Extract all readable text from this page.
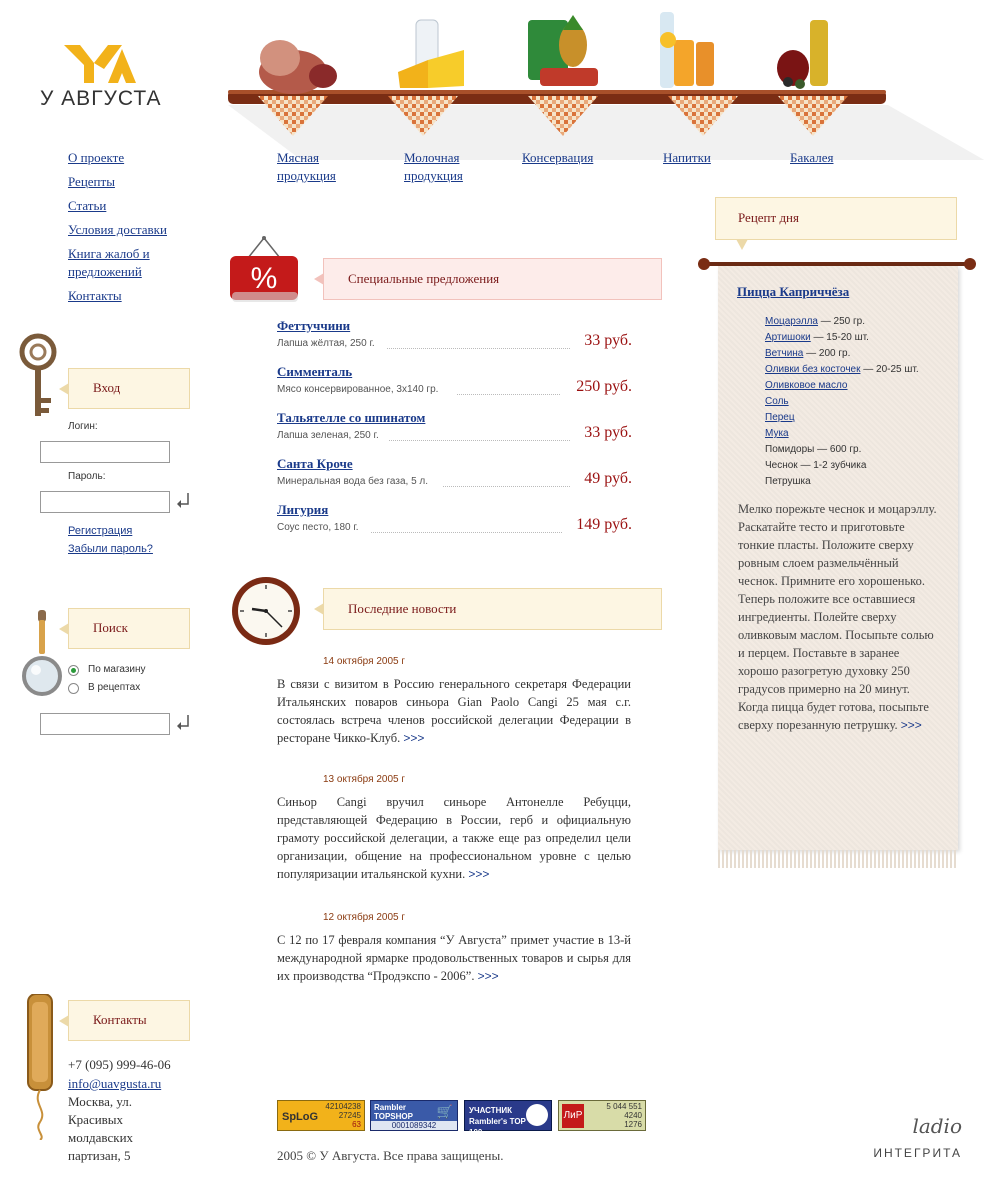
У АВГУСТА
Мясная продукция
Молочная продукция
Консервация	Напитки	Бакалея
О проекте
Рецепты
Статьи
Условия доставки
Книга жалоб и предложений
Контакты
Вход
Логин:
Пароль:
Регистрация
Забыли пароль?
Поиск
По магазину
В рецептах
Контакты
+7 (095) 999-46-06
info@uavgusta.ru
Москва, ул. Красивых молдавских партизан, 5
%	Специальные предложения
Феттуччини
Лапша жёлтая, 250 г.	33 руб.
Симменталь
Мясо консервированное, 3x140 гр.	250 руб.
Тальятелле со шпинатом
Лапша зеленая, 250 г.	33 руб.
Санта Кроче
Минеральная вода без газа, 5 л.	49 руб.
Лигурия
Соус песто, 180 г.	149 руб.
Последние новости
14 октября 2005 г
В связи с визитом в Россию генерального секретаря Федерации Итальянских поваров синьора Gian Paolo Cangi 25 мая с.г. состоялась встреча членов российской делегации Федерации в ресторане Чикко-Клуб. >>>
13 октября 2005 г
Синьор Cangi вручил синьоре Антонелле Ребуцци, представляющей Федерацию в России, герб и официальную грамоту российской делегации, а также еще раз определил цели организации, общение на профессиональном уровне с целью популяризации итальянской кухни. >>>
12 октября 2005 г
С 12 по 17 февраля компания “У Августа” примет участие в 13-й международной ярмарке продовольственных товаров и сырья для их производства “Продэкспо - 2006”. >>>
Рецепт дня
Пицца Каприччёза
Моцарэлла — 250 гр.
Артишоки — 15-20 шт.
Ветчина — 200 гр.
Оливки без косточек — 20-25 шт.
Оливковое масло
Соль
Перец
Мука
Помидоры — 600 гр.
Чеснок — 1-2 зубчика
Петрушка
Мелко порежьте чеснок и моцарэллу. Раскатайте тесто и приготовьте тонкие пласты. Положите сверху ровным слоем размельчённый чеснок. Примните его хорошенько. Теперь положите все оставшиеся ингредиенты. Полейте сверху оливковым маслом. Посыпьте солью и перцем. Поставьте в заранее хорошо разогретую духовку 250 градусов примерно на 20 минут. Когда пицца будет готова, посыпьте сверху порезанную петрушку. >>>
SpLoG
42104238
27245
63
Rambler TOPSHOP	🛒
0001089342
УЧАСТНИК Rambler's TOP 100
ЛиР
5 044 551
4240
1276
2005 © У Августа. Все права защищены.
ladio
ИНТЕГРИТА
